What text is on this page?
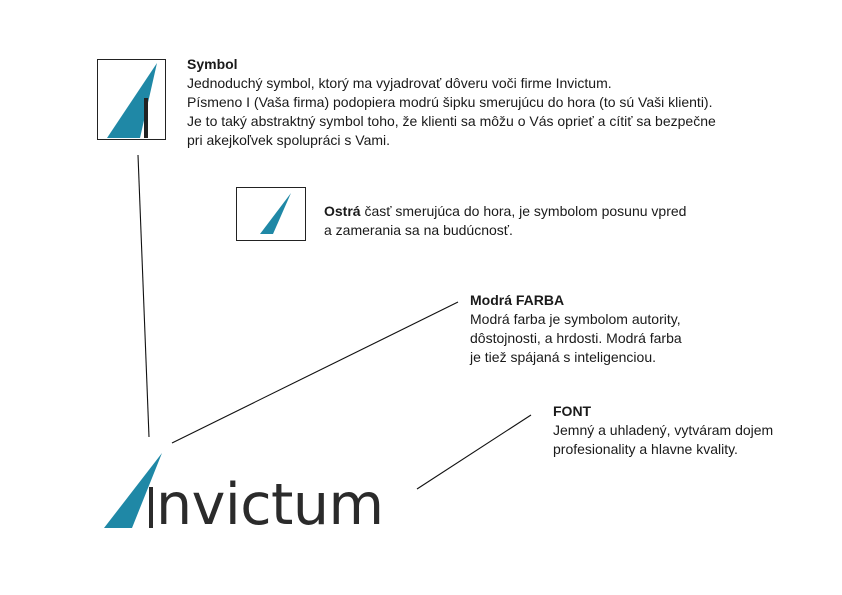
Symbol
Jednoduchý symbol, ktorý ma vyjadrovať dôveru voči firme Invictum.
Písmeno I (Vaša firma) podopiera modrú šipku smerujúcu do hora (to sú Vaši klienti).
Je to taký abstraktný symbol toho, že klienti sa môžu o Vás oprieť a cítiť sa bezpečne
pri akejkoľvek spolupráci s Vami.
Ostrá časť smerujúca do hora, je symbolom posunu vpred
a zamerania sa na budúcnosť.
Modrá FARBA
Modrá farba je symbolom autority,
dôstojnosti, a hrdosti. Modrá farba
je tiež spájaná s inteligenciou.
FONT
Jemný a uhladený, vytváram dojem
profesionality a hlavne kvality.
nvictum
